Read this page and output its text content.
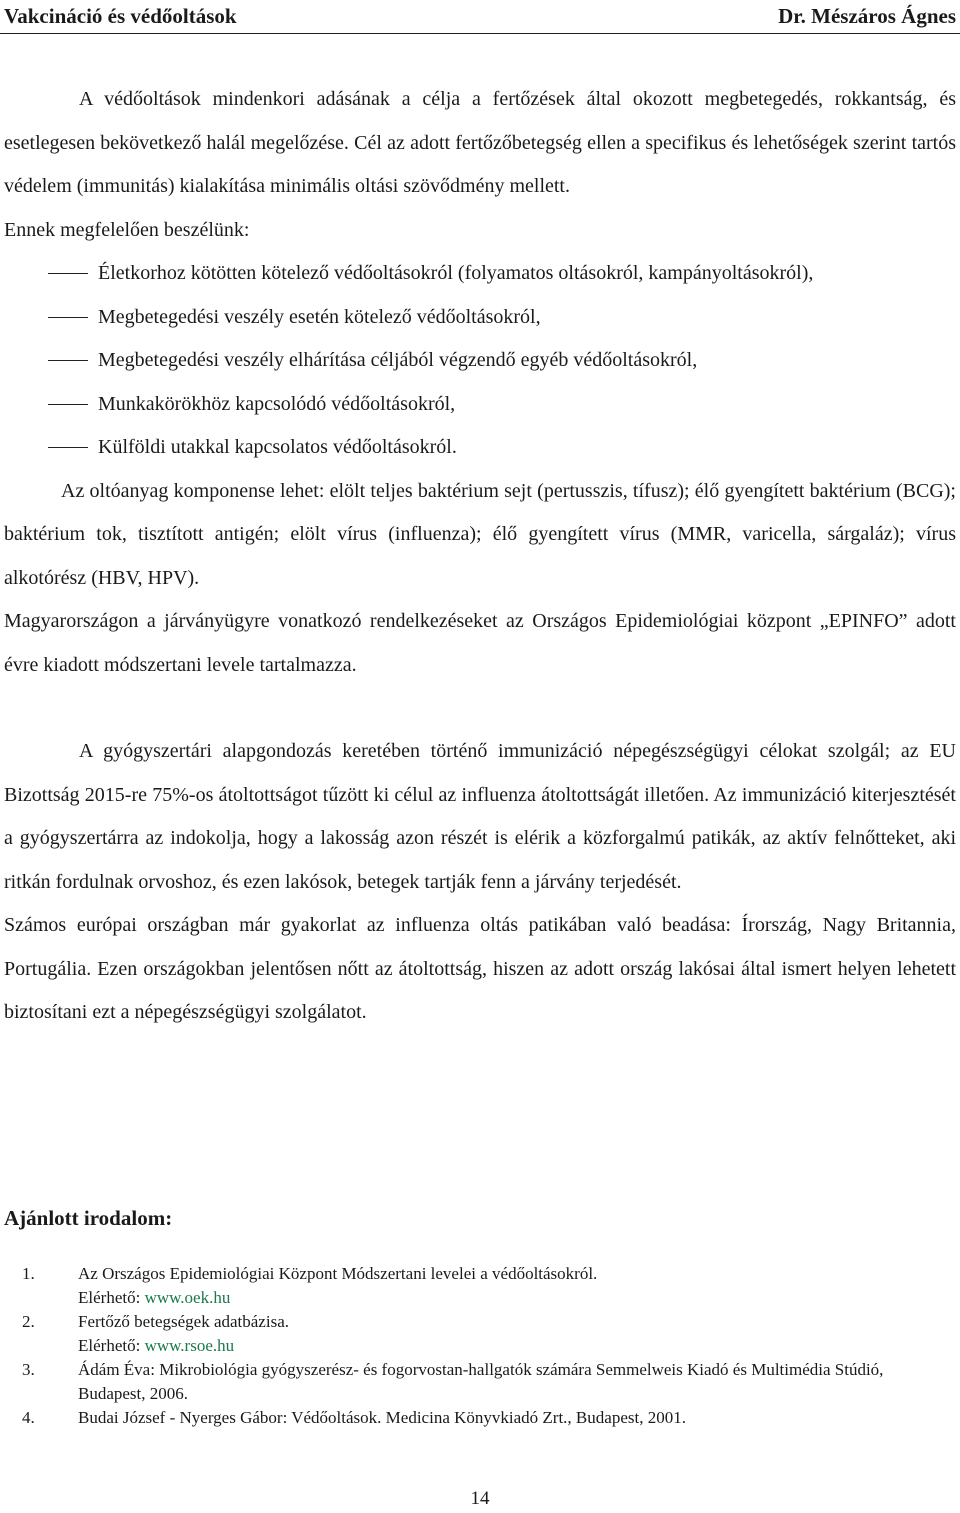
Vakcináció és védőoltások	Dr. Mészáros Ágnes

A védőoltások mindenkori adásának a célja a fertőzések által okozott megbetegedés, rokkantság, és esetlegesen bekövetkező halál megelőzése. Cél az adott fertőzőbetegség ellen a specifikus és lehetőségek szerint tartós védelem (immunitás) kialakítása minimális oltási szövődmény mellett.

Ennek megfelelően beszélünk:

Életkorhoz kötötten kötelező védőoltásokról (folyamatos oltásokról, kampányoltásokról),
Megbetegedési veszély esetén kötelező védőoltásokról,
Megbetegedési veszély elhárítása céljából végzendő egyéb védőoltásokról,
Munkakörökhöz kapcsolódó védőoltásokról,
Külföldi utakkal kapcsolatos védőoltásokról.

Az oltóanyag komponense lehet: elölt teljes baktérium sejt (pertusszis, tífusz); élő gyengített baktérium (BCG); baktérium tok, tisztított antigén; elölt vírus (influenza); élő gyengített vírus (MMR, varicella, sárgaláz); vírus alkotórész (HBV, HPV).

Magyarországon a járványügyre vonatkozó rendelkezéseket az Országos Epidemiológiai központ „EPINFO” adott évre kiadott módszertani levele tartalmazza.

A gyógyszertári alapgondozás keretében történő immunizáció népegészségügyi célokat szolgál; az EU Bizottság 2015-re 75%-os átoltottságot tűzött ki célul az influenza átoltottságát illetően. Az immunizáció kiterjesztését a gyógyszertárra az indokolja, hogy a lakosság azon részét is elérik a közforgalmú patikák, az aktív felnőtteket, aki ritkán fordulnak orvoshoz, és ezen lakósok, betegek tartják fenn a járvány terjedését.

Számos európai országban már gyakorlat az influenza oltás patikában való beadása: Írország, Nagy Britannia, Portugália. Ezen országokban jelentősen nőtt az átoltottság, hiszen az adott ország lakósai által ismert helyen lehetett biztosítani ezt a népegészségügyi szolgálatot.

Ajánlott irodalom:
1.	Az Országos Epidemiológiai Központ Módszertani levelei a védőoltásokról.
Elérhető: www.oek.hu
2.	Fertőző betegségek adatbázisa.
Elérhető: www.rsoe.hu
3.	Ádám Éva: Mikrobiológia gyógyszerész- és fogorvostan-hallgatók számára Semmelweis Kiadó és Multimédia Stúdió, Budapest, 2006.
4.	Budai József - Nyerges Gábor: Védőoltások. Medicina Könyvkiadó Zrt., Budapest, 2001.
14
